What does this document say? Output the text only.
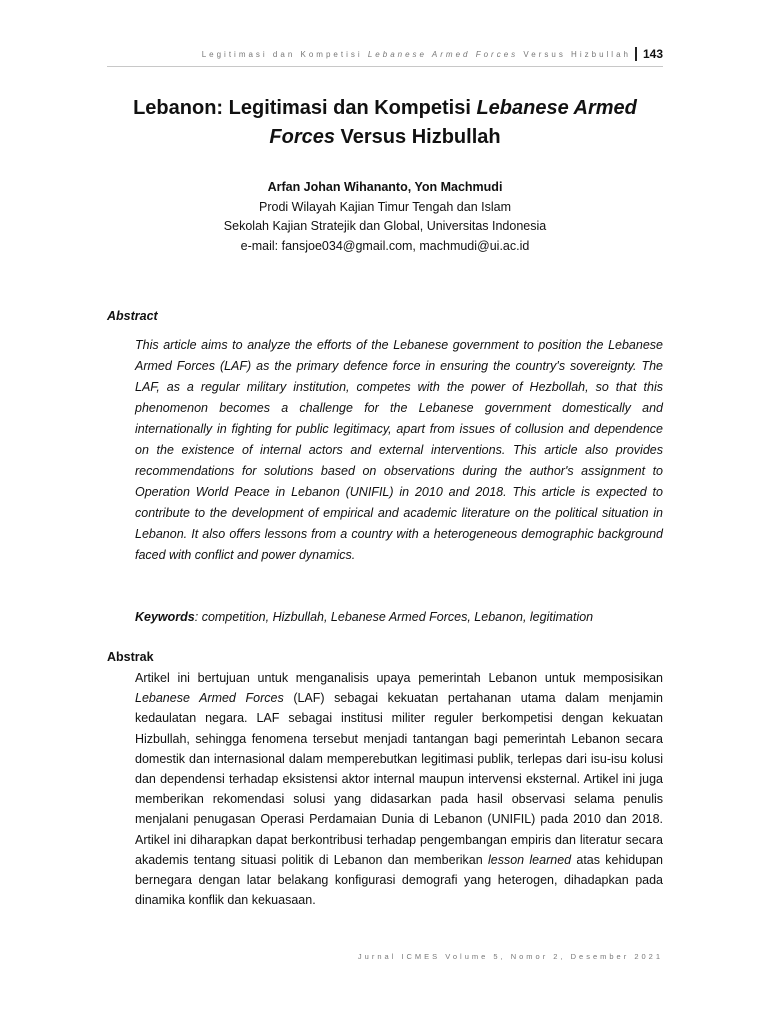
Legitimasi dan Kompetisi Lebanese Armed Forces Versus Hizbullah 143
Lebanon: Legitimasi dan Kompetisi Lebanese Armed Forces Versus Hizbullah
Arfan Johan Wihananto, Yon Machmudi
Prodi Wilayah Kajian Timur Tengah dan Islam
Sekolah Kajian Stratejik dan Global, Universitas Indonesia
e-mail: fansjoe034@gmail.com, machmudi@ui.ac.id
Abstract

This article aims to analyze the efforts of the Lebanese government to position the Lebanese Armed Forces (LAF) as the primary defence force in ensuring the country's sovereignty. The LAF, as a regular military institution, competes with the power of Hezbollah, so that this phenomenon becomes a challenge for the Lebanese government domestically and internationally in fighting for public legitimacy, apart from issues of collusion and dependence on the existence of internal actors and external interventions. This article also provides recommendations for solutions based on observations during the author's assignment to Operation World Peace in Lebanon (UNIFIL) in 2010 and 2018. This article is expected to contribute to the development of empirical and academic literature on the political situation in Lebanon. It also offers lessons from a country with a heterogeneous demographic background faced with conflict and power dynamics.

Keywords: competition, Hizbullah, Lebanese Armed Forces, Lebanon, legitimation
Abstrak

Artikel ini bertujuan untuk menganalisis upaya pemerintah Lebanon untuk memposisikan Lebanese Armed Forces (LAF) sebagai kekuatan pertahanan utama dalam menjamin kedaulatan negara. LAF sebagai institusi militer reguler berkompetisi dengan kekuatan Hizbullah, sehingga fenomena tersebut menjadi tantangan bagi pemerintah Lebanon secara domestik dan internasional dalam memperebutkan legitimasi publik, terlepas dari isu-isu kolusi dan dependensi terhadap eksistensi aktor internal maupun intervensi eksternal. Artikel ini juga memberikan rekomendasi solusi yang didasarkan pada hasil observasi selama penulis menjalani penugasan Operasi Perdamaian Dunia di Lebanon (UNIFIL) pada 2010 dan 2018. Artikel ini diharapkan dapat berkontribusi terhadap pengembangan empiris dan literatur secara akademis tentang situasi politik di Lebanon dan memberikan lesson learned atas kehidupan bernegara dengan latar belakang konfigurasi demografi yang heterogen, dihadapkan pada dinamika konflik dan kekuasaan.

Jurnal ICMES Volume 5, Nomor 2, Desember 2021
